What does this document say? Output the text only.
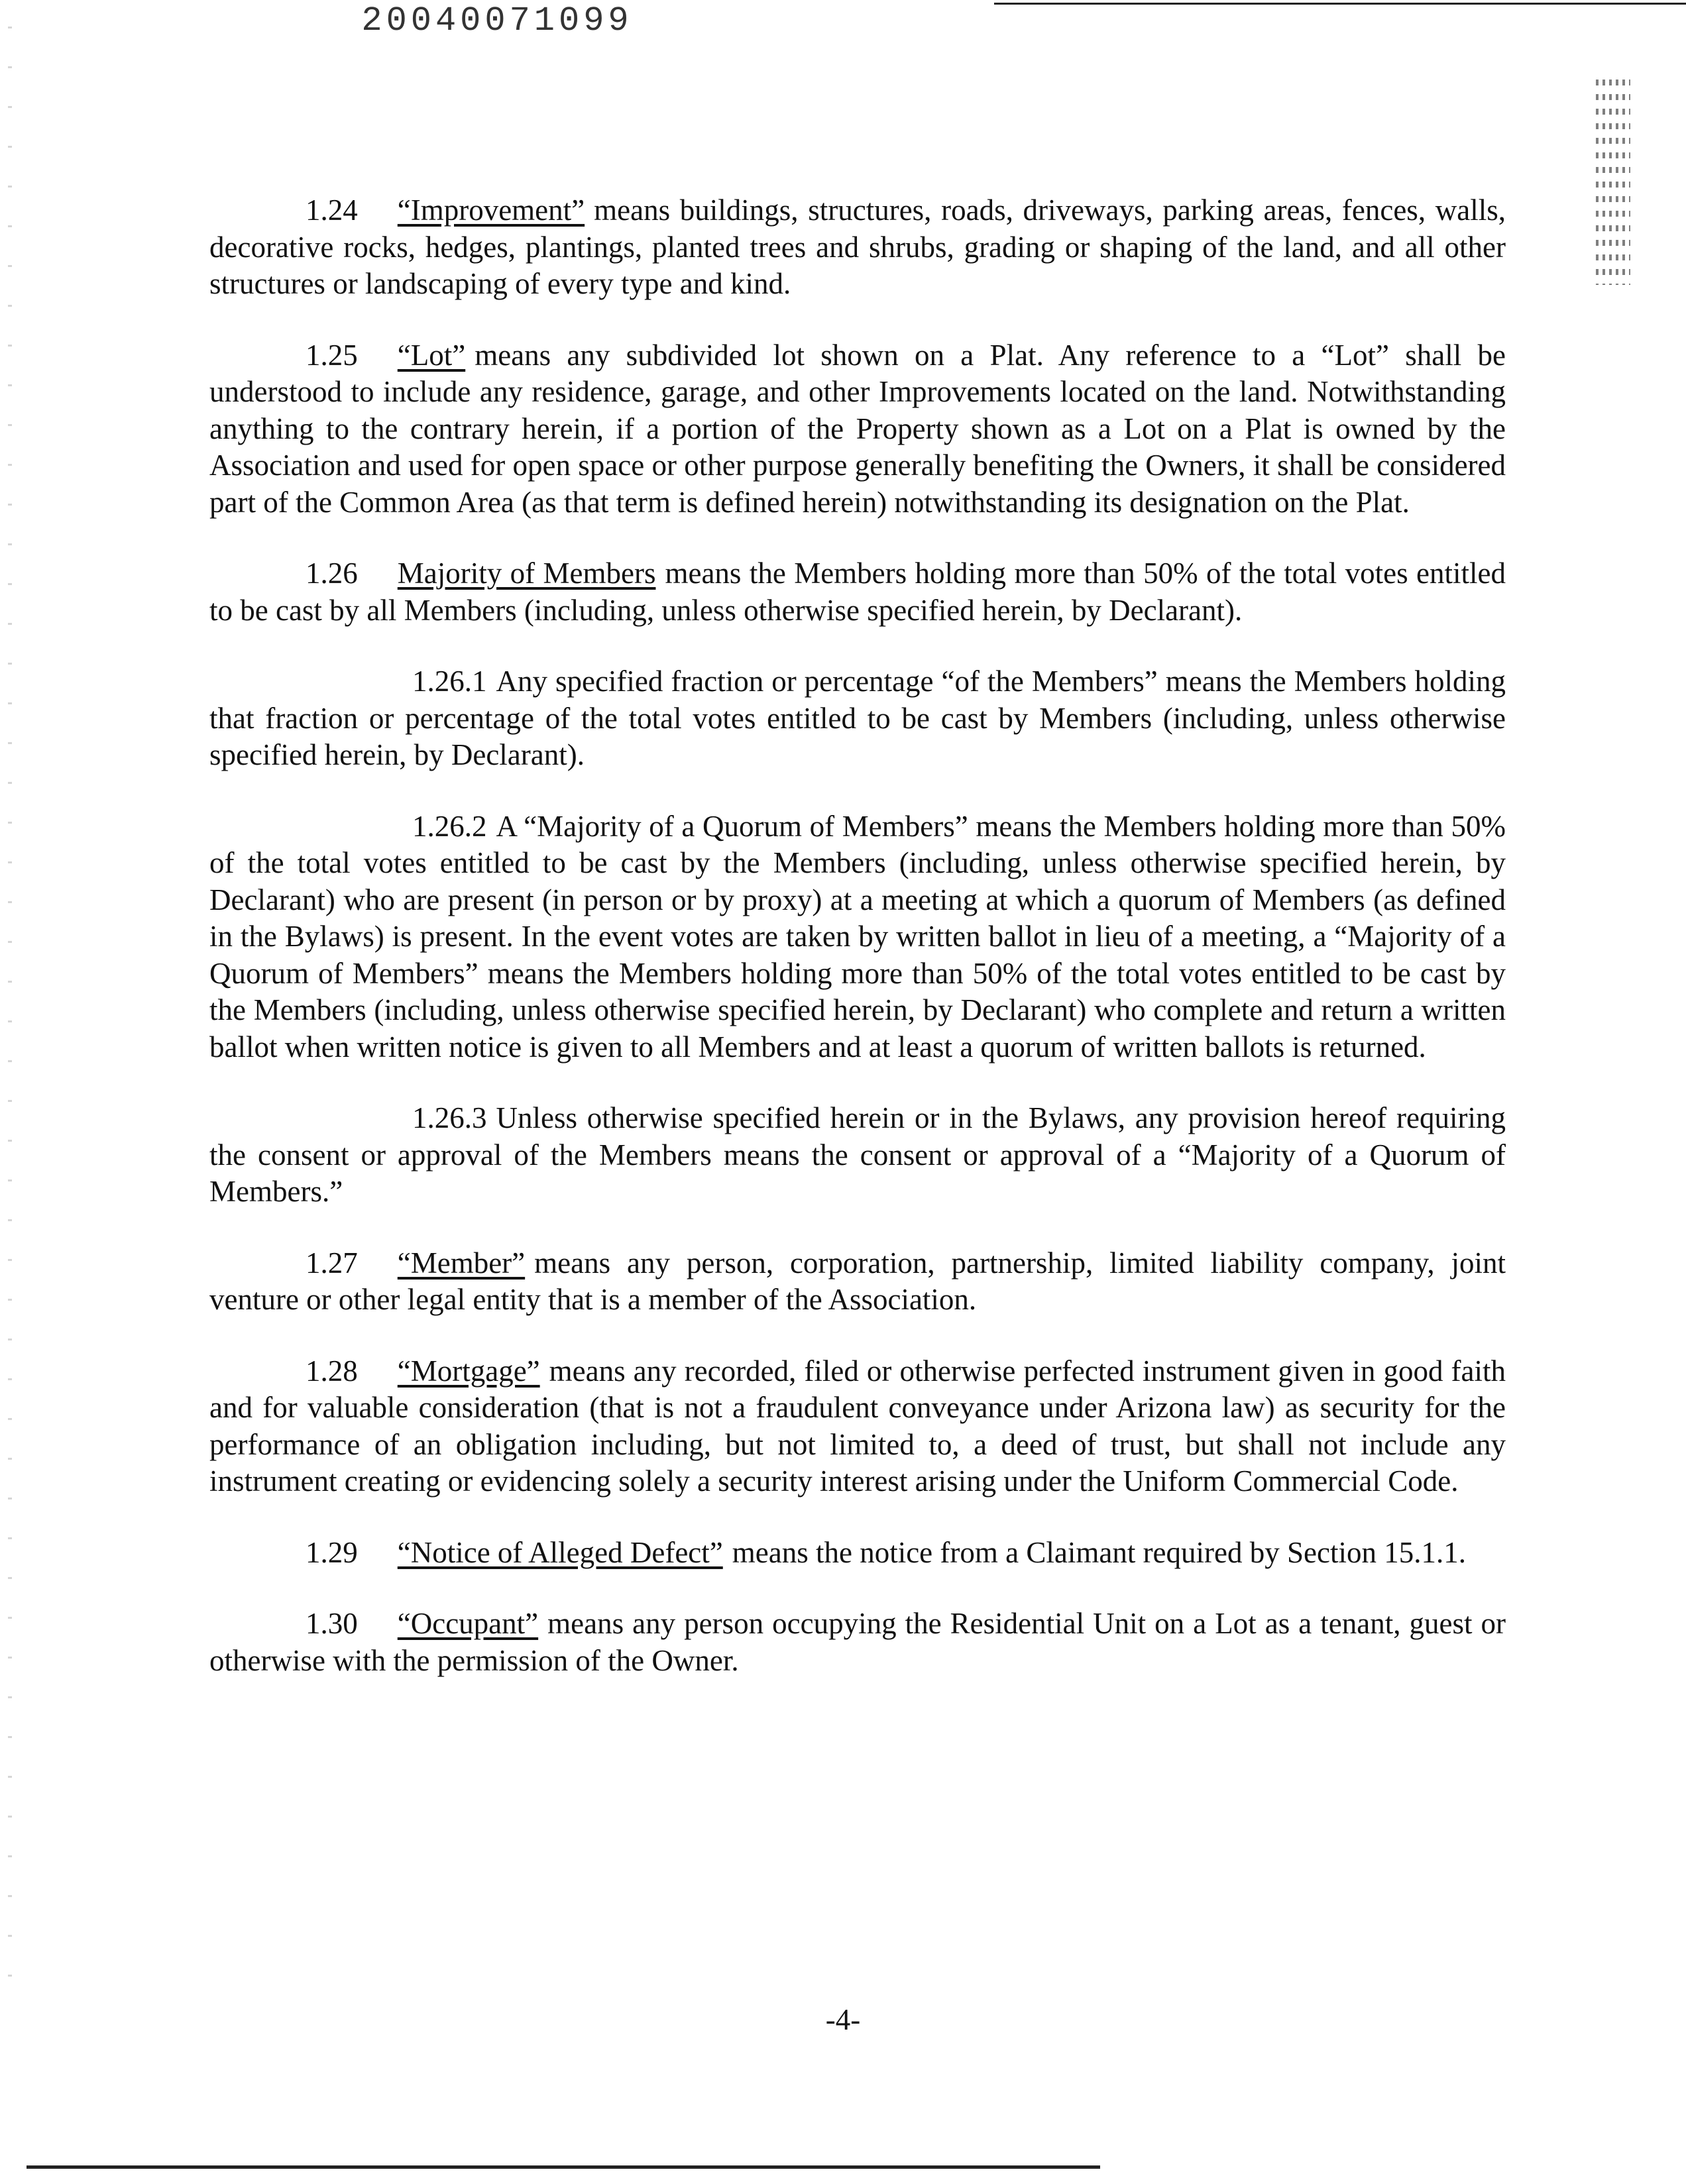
20040071099

1.24 “Improvement” means buildings, structures, roads, driveways, parking areas, fences, walls, decorative rocks, hedges, plantings, planted trees and shrubs, grading or shaping of the land, and all other structures or landscaping of every type and kind.

1.25 “Lot” means any subdivided lot shown on a Plat. Any reference to a “Lot” shall be understood to include any residence, garage, and other Improvements located on the land. Notwithstanding anything to the contrary herein, if a portion of the Property shown as a Lot on a Plat is owned by the Association and used for open space or other purpose generally benefiting the Owners, it shall be considered part of the Common Area (as that term is defined herein) notwithstanding its designation on the Plat.

1.26 Majority of Members means the Members holding more than 50% of the total votes entitled to be cast by all Members (including, unless otherwise specified herein, by Declarant).

1.26.1 Any specified fraction or percentage “of the Members” means the Members holding that fraction or percentage of the total votes entitled to be cast by Members (including, unless otherwise specified herein, by Declarant).

1.26.2 A “Majority of a Quorum of Members” means the Members holding more than 50% of the total votes entitled to be cast by the Members (including, unless otherwise specified herein, by Declarant) who are present (in person or by proxy) at a meeting at which a quorum of Members (as defined in the Bylaws) is present. In the event votes are taken by written ballot in lieu of a meeting, a “Majority of a Quorum of Members” means the Members holding more than 50% of the total votes entitled to be cast by the Members (including, unless otherwise specified herein, by Declarant) who complete and return a written ballot when written notice is given to all Members and at least a quorum of written ballots is returned.

1.26.3 Unless otherwise specified herein or in the Bylaws, any provision hereof requiring the consent or approval of the Members means the consent or approval of a “Majority of a Quorum of Members.”

1.27 “Member” means any person, corporation, partnership, limited liability company, joint venture or other legal entity that is a member of the Association.

1.28 “Mortgage” means any recorded, filed or otherwise perfected instrument given in good faith and for valuable consideration (that is not a fraudulent conveyance under Arizona law) as security for the performance of an obligation including, but not limited to, a deed of trust, but shall not include any instrument creating or evidencing solely a security interest arising under the Uniform Commercial Code.

1.29 “Notice of Alleged Defect” means the notice from a Claimant required by Section 15.1.1.

1.30 “Occupant” means any person occupying the Residential Unit on a Lot as a tenant, guest or otherwise with the permission of the Owner.

-4-
